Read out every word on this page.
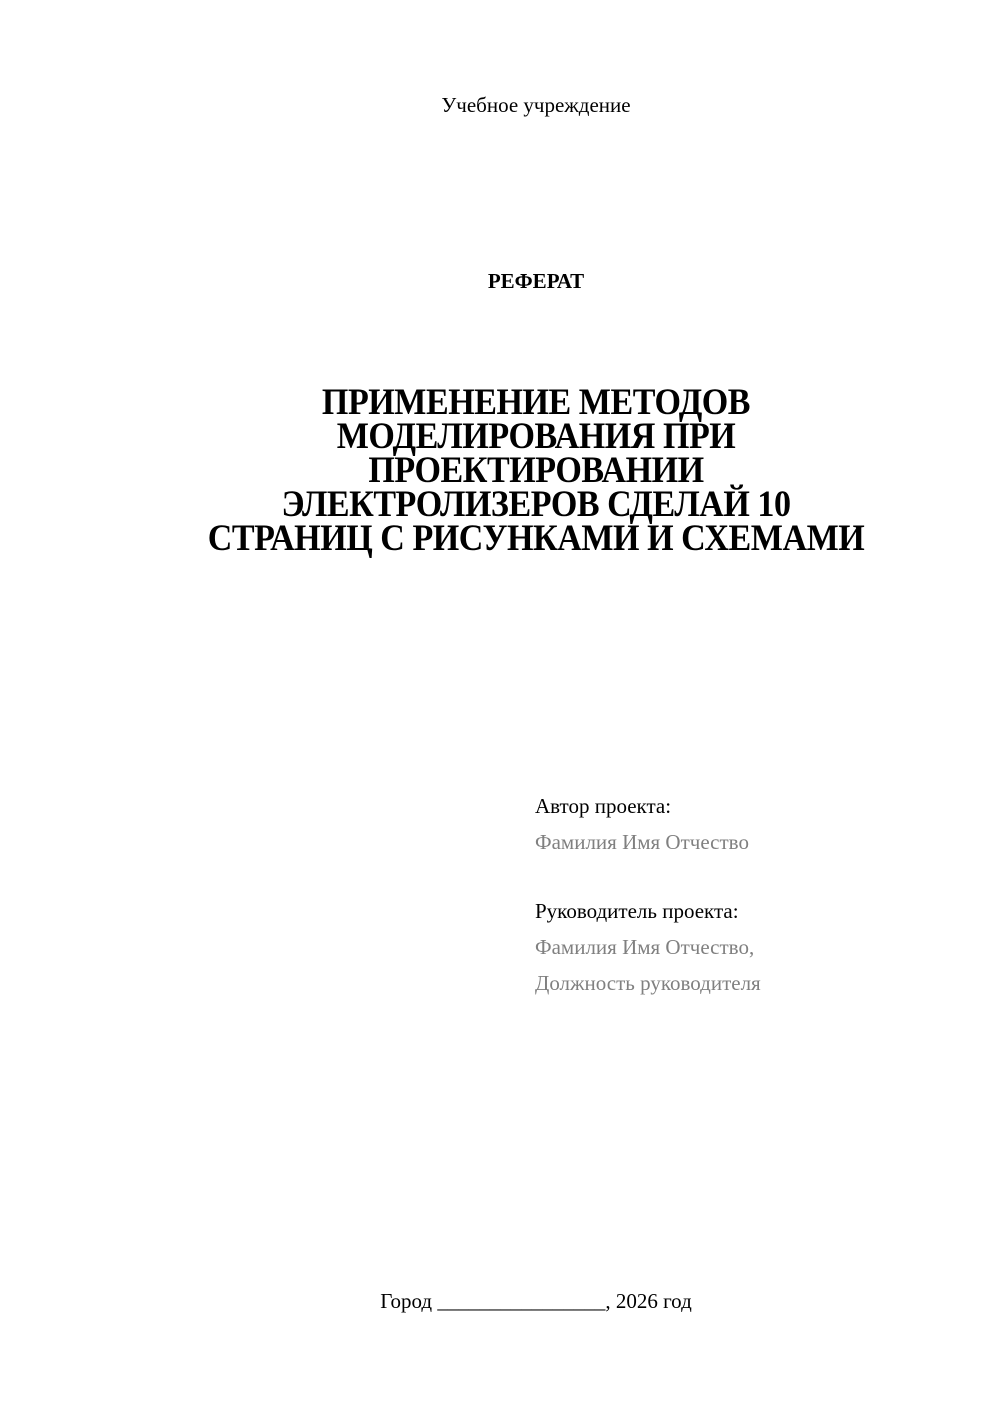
Учебное учреждение
РЕФЕРАТ
ПРИМЕНЕНИЕ МЕТОДОВ
МОДЕЛИРОВАНИЯ ПРИ
ПРОЕКТИРОВАНИИ
ЭЛЕКТРОЛИЗЕРОВ СДЕЛАЙ 10
СТРАНИЦ С РИСУНКАМИ И СХЕМАМИ
Автор проекта:
Фамилия Имя Отчество
Руководитель проекта:
Фамилия Имя Отчество,
Должность руководителя
Город ________________, 2026 год
